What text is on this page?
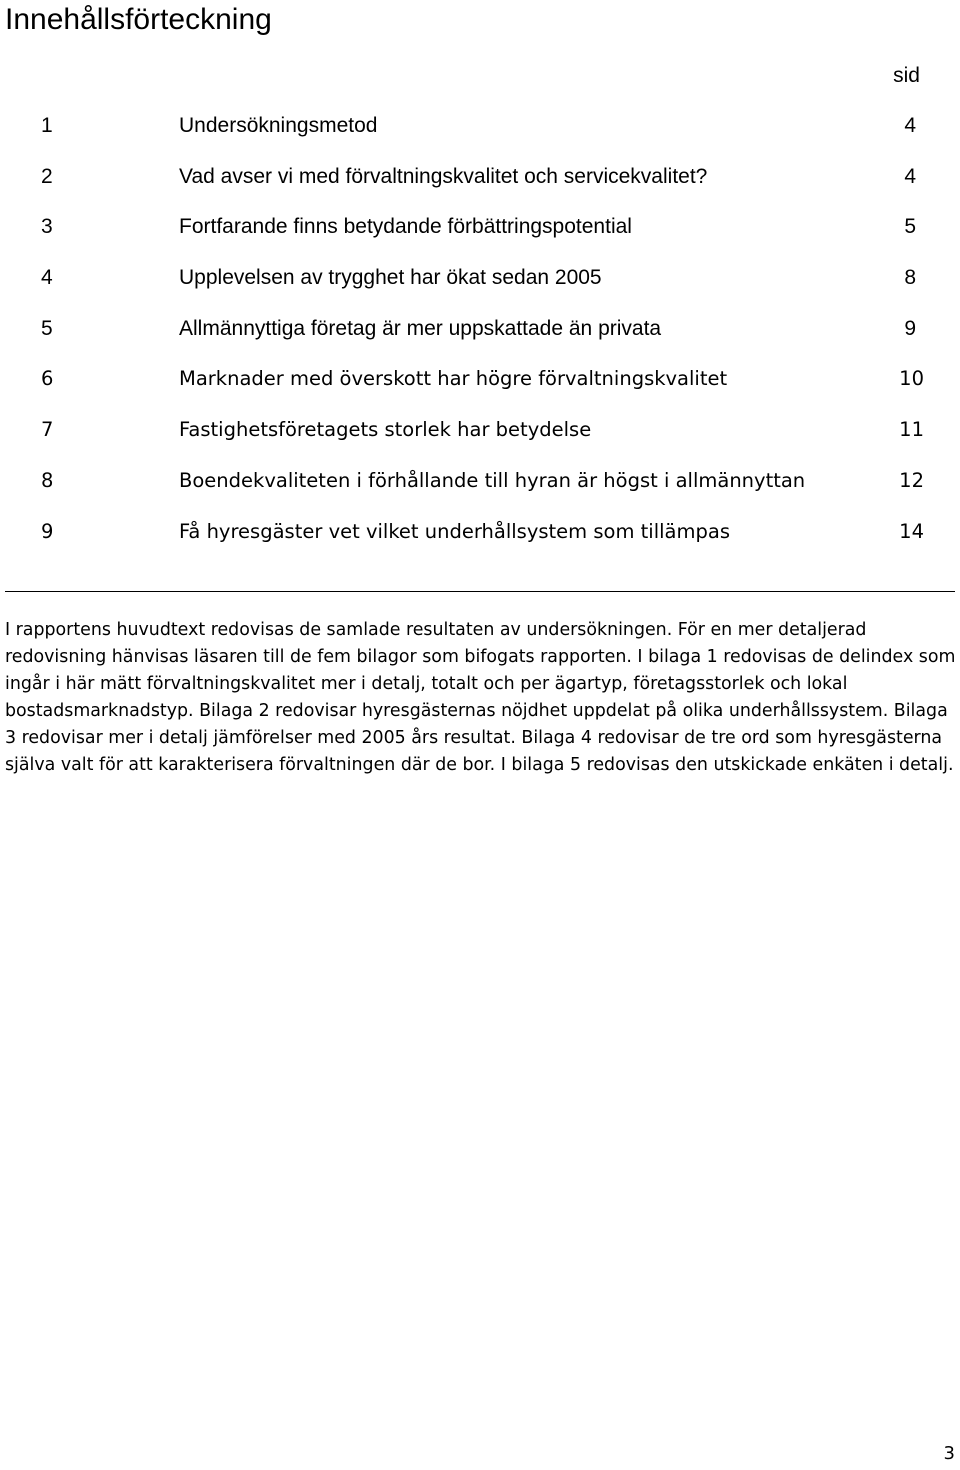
Innehållsförteckning
sid
1	Undersökningsmetod	4
2	Vad avser vi med förvaltningskvalitet och servicekvalitet?	4
3	Fortfarande finns betydande förbättringspotential	5
4	Upplevelsen av trygghet har ökat sedan 2005	8
5	Allmännyttiga företag är mer uppskattade än privata	9
6	Marknader med överskott har högre förvaltningskvalitet	10
7	Fastighetsföretagets storlek har betydelse	11
8	Boendekvaliteten i förhållande till hyran är högst i allmännyttan	12
9	Få hyresgäster vet vilket underhållsystem som tillämpas	14

I rapportens huvudtext redovisas de samlade resultaten av undersökningen. För en mer detaljerad redovisning hänvisas läsaren till de fem bilagor som bifogats rapporten. I bilaga 1 redovisas de delindex som ingår i här mätt förvaltningskvalitet mer i detalj, totalt och per ägartyp, företagsstorlek och lokal bostadsmarknadstyp. Bilaga 2 redovisar hyresgästernas nöjdhet uppdelat på olika underhållssystem. Bilaga 3 redovisar mer i detalj jämförelser med 2005 års resultat. Bilaga 4 redovisar de tre ord som hyresgästerna själva valt för att karakterisera förvaltningen där de bor. I bilaga 5 redovisas den utskickade enkäten i detalj.

3
